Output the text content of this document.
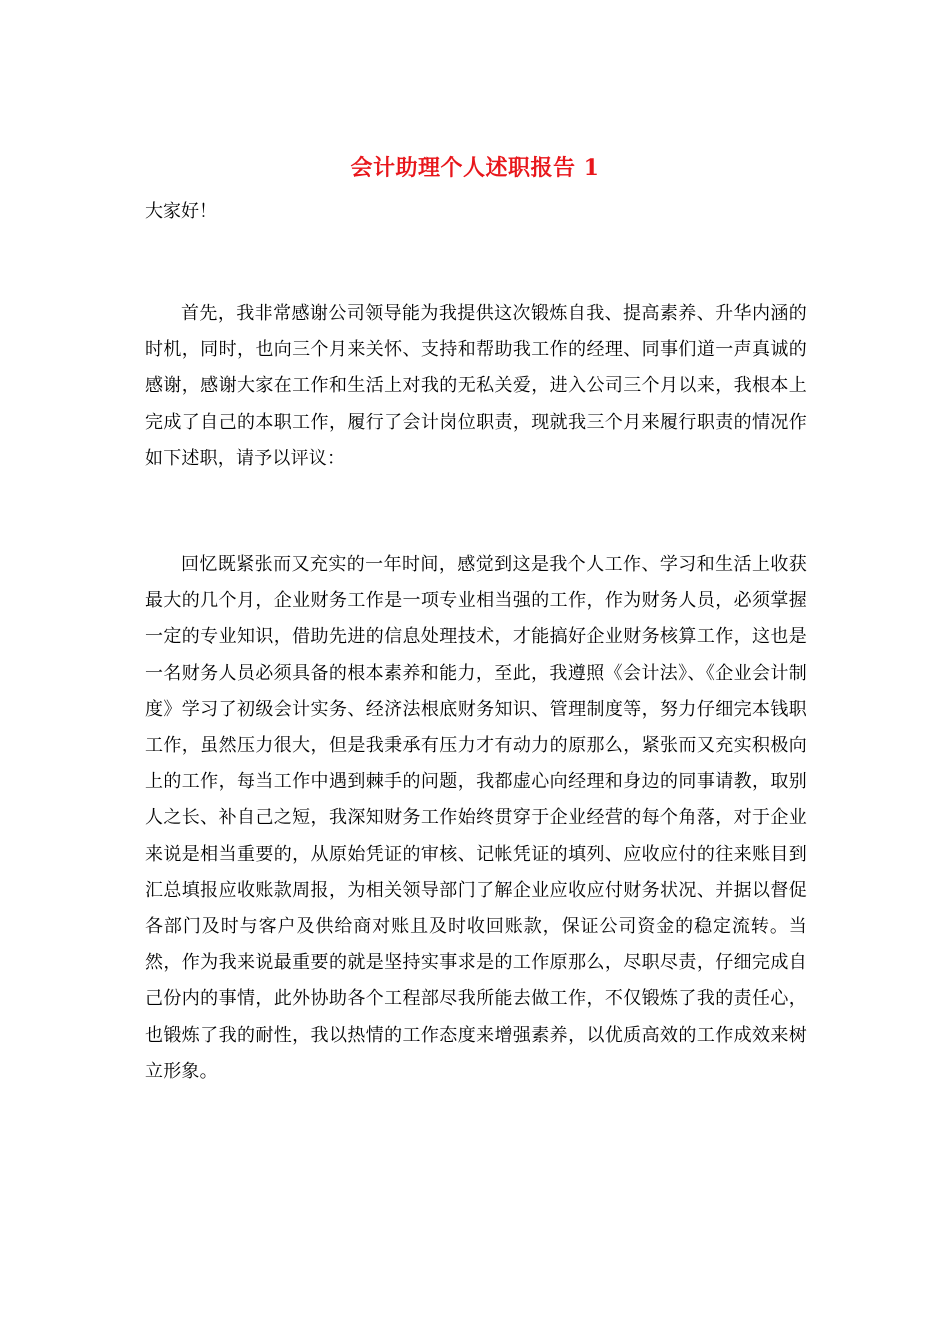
会计助理个人述职报告 1
大家好！

首先，我非常感谢公司领导能为我提供这次锻炼自我、提高素养、升华内涵的时机，同时，也向三个月来关怀、支持和帮助我工作的经理、同事们道一声真诚的感谢，感谢大家在工作和生活上对我的无私关爱，进入公司三个月以来，我根本上完成了自己的本职工作，履行了会计岗位职责，现就我三个月来履行职责的情况作如下述职，请予以评议：

回忆既紧张而又充实的一年时间，感觉到这是我个人工作、学习和生活上收获最大的几个月，企业财务工作是一项专业相当强的工作，作为财务人员，必须掌握一定的专业知识，借助先进的信息处理技术，才能搞好企业财务核算工作，这也是一名财务人员必须具备的根本素养和能力，至此，我遵照《会计法》、《企业会计制度》学习了初级会计实务、经济法根底财务知识、管理制度等，努力仔细完本钱职工作，虽然压力很大，但是我秉承有压力才有动力的原那么，紧张而又充实积极向上的工作，每当工作中遇到棘手的问题，我都虚心向经理和身边的同事请教，取别人之长、补自己之短，我深知财务工作始终贯穿于企业经营的每个角落，对于企业来说是相当重要的，从原始凭证的审核、记帐凭证的填列、应收应付的往来账目到汇总填报应收账款周报，为相关领导部门了解企业应收应付财务状况、并据以督促各部门及时与客户及供给商对账且及时收回账款，保证公司资金的稳定流转。当然，作为我来说最重要的就是坚持实事求是的工作原那么，尽职尽责，仔细完成自己份内的事情，此外协助各个工程部尽我所能去做工作，不仅锻炼了我的责任心，也锻炼了我的耐性，我以热情的工作态度来增强素养，以优质高效的工作成效来树立形象。
